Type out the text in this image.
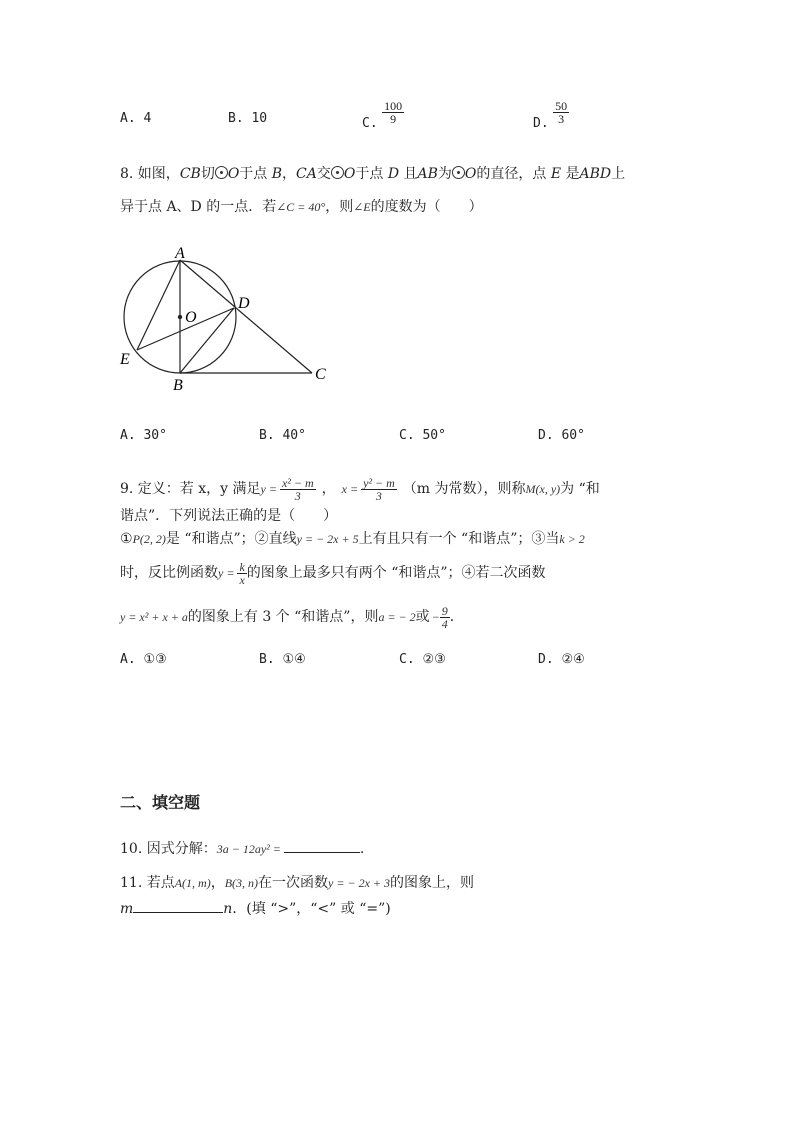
A. 4	B. 10	C. $\frac{100}{9}$	D. $\frac{50}{3}$
8. 如图，CB切 O于点 B，CA交 O于点 D 且AB为 O的直径，点 E 是ABD上
异于点 A、D 的一点．若∠C = 40°，则∠E的度数为（　　）
A
O
D
E
B
C
A. 30°	B. 40°	C. 50°	D. 60°
9. 定义：若 x，y 满足$y = \frac{\text{x² − m}}{3}$ ， $x = \frac{\text{y² − m}}{3} (m$ 为常数），则称M(x, y)为 “和
谐点”．下列说法正确的是（　　）
①P(2, 2)是 “和谐点”；②直线y = − 2x + 5上有且只有一个 “和谐点”；③当k > 2
时，反比例函数$y = \frac{k}{x}$ 的图象上最多只有两个 “和谐点”；④若二次函数
y = x² + x + a的图象上有 3 个 “和谐点”，则a = − 2或 − $\frac{9}{4}$ ．
A. ①③	B. ①④	C. ②③	D. ②④
二、填空题
10. 因式分解：3a − 12ay² =	.
11. 若点A(1, m)，B(3, n)在一次函数y = − 2x + 3的图象上，则
m	n．(填 “>”，“<” 或 “=”)
